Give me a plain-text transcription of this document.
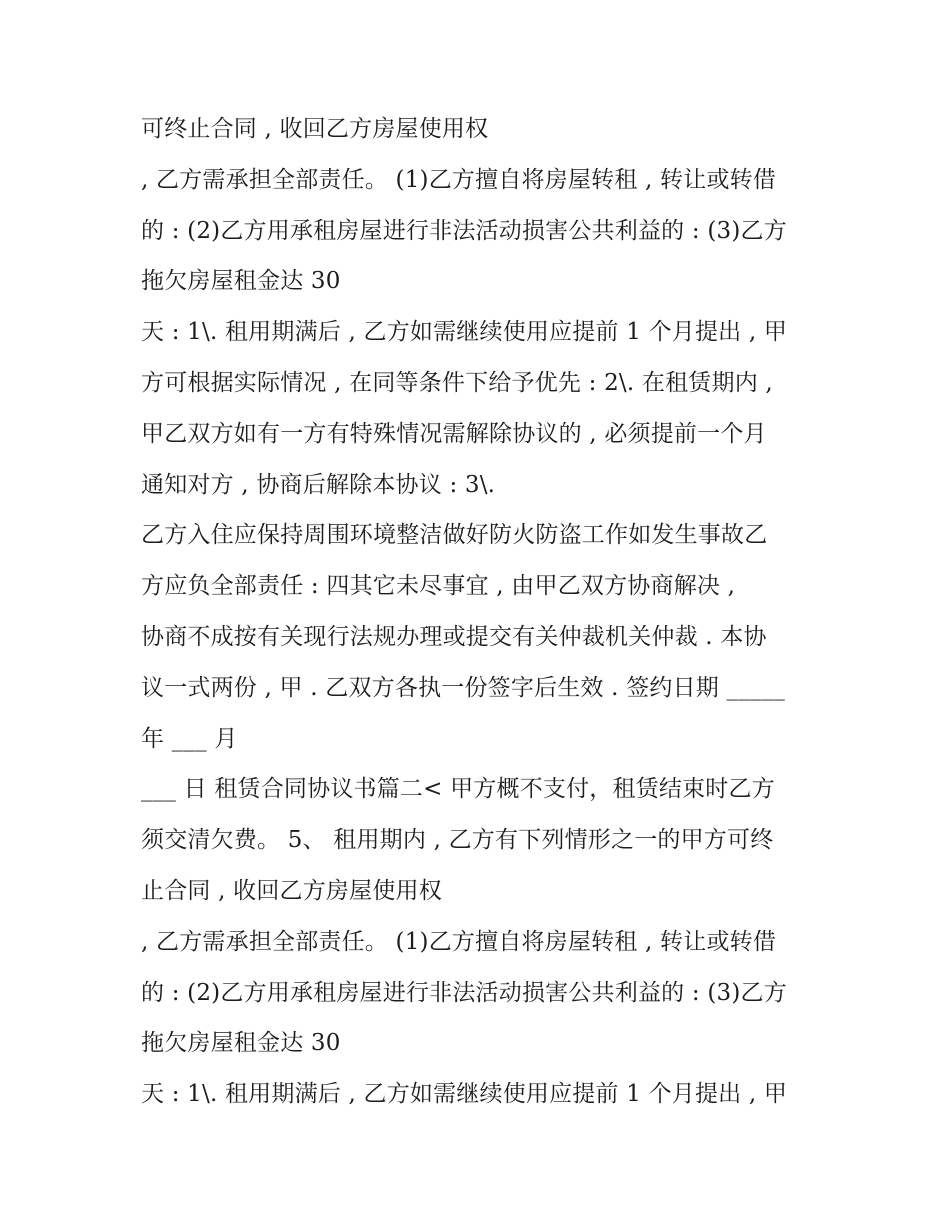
可终止合同 , 收回乙方房屋使用权
, 乙方需承担全部责任。 (1)乙方擅自将房屋转租 , 转让或转借
的 : (2)乙方用承租房屋进行非法活动损害公共利益的 : (3)乙方
拖欠房屋租金达 30
天 : 1\. 租用期满后 , 乙方如需继续使用应提前 1 个月提出 , 甲
方可根据实际情况 , 在同等条件下给予优先 : 2\. 在租赁期内 ,
甲乙双方如有一方有特殊情况需解除协议的 , 必须提前一个月
通知对方 , 协商后解除本协议 : 3\.
乙方入住应保持周围环境整洁做好防火防盗工作如发生事故乙
方应负全部责任 : 四其它未尽事宜 , 由甲乙双方协商解决 ,
协商不成按有关现行法规办理或提交有关仲裁机关仲裁 . 本协
议一式两份 , 甲 . 乙双方各执一份签字后生效 . 签约日期 _____
年 ___ 月
___ 日 租赁合同协议书篇二< 甲方概不支付，租赁结束时乙方
须交清欠费。 5、 租用期内 , 乙方有下列情形之一的甲方可终
止合同 , 收回乙方房屋使用权
, 乙方需承担全部责任。 (1)乙方擅自将房屋转租 , 转让或转借
的 : (2)乙方用承租房屋进行非法活动损害公共利益的 : (3)乙方
拖欠房屋租金达 30
天 : 1\. 租用期满后 , 乙方如需继续使用应提前 1 个月提出 , 甲
